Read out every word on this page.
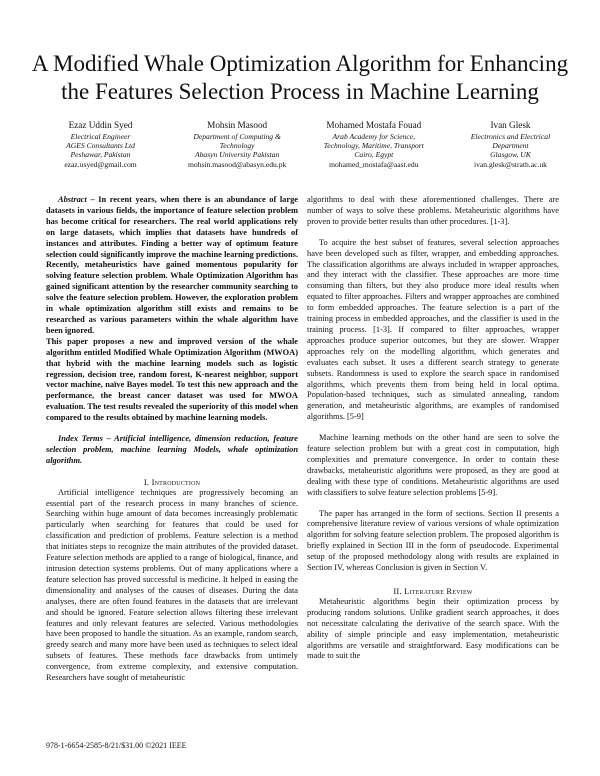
A Modified Whale Optimization Algorithm for Enhancing the Features Selection Process in Machine Learning
Ezaz Uddin Syed
Electrical Engineer
AGES Consultants Ltd
Peshawar, Pakistan
ezaz.usyed@gmail.com
Mohsin Masood
Department of Computing &
Technology
Abasyn University Pakistan
mohsin.masood@abasyn.edu.pk
Mohamed Mostafa Fouad
Arab Academy for Science,
Technology, Maritime, Transport
Cairo, Egypt
mohamed_mostafa@aast.edu
Ivan Glesk
Electronics and Electrical
Department
Glasgow, UK
ivan.glesk@strath.ac.uk

Abstract – In recent years, when there is an abundance of large datasets in various fields, the importance of feature selection problem has become critical for researchers. The real world applications rely on large datasets, which implies that datasets have hundreds of instances and attributes. Finding a better way of optimum feature selection could significantly improve the machine learning predictions. Recently, metaheuristics have gained momentous popularity for solving feature selection problem. Whale Optimization Algorithm has gained significant attention by the researcher community searching to solve the feature selection problem. However, the exploration problem in whale optimization algorithm still exists and remains to be researched as various parameters within the whale algorithm have been ignored.

This paper proposes a new and improved version of the whale algorithm entitled Modified Whale Optimization Algorithm (MWOA) that hybrid with the machine learning models such as logistic regression, decision tree, random forest, K-nearest neighbor, support vector machine, naïve Bayes model. To test this new approach and the performance, the breast cancer dataset was used for MWOA evaluation. The test results revealed the superiority of this model when compared to the results obtained by machine learning models.

Index Terms – Artificial intelligence, dimension reduction, feature selection problem, machine learning Models, whale optimization algorithm.

I. Introduction

Artificial intelligence techniques are progressively becoming an essential part of the research process in many branches of science. Searching within huge amount of data becomes increasingly problematic particularly when searching for features that could be used for classification and prediction of problems. Feature selection is a method that initiates steps to recognize the main attributes of the provided dataset. Feature selection methods are applied to a range of biological, finance, and intrusion detection systems problems. Out of many applications where a feature selection has proved successful is medicine. It helped in easing the dimensionality and analyses of the causes of diseases. During the data analyses, there are often found features in the datasets that are irrelevant and should be ignored. Feature selection allows filtering these irrelevant features and only relevant features are selected. Various methodologies have been proposed to handle the situation. As an example, random search, greedy search and many more have been used as techniques to select ideal subsets of features. These methods face drawbacks from untimely convergence, from extreme complexity, and extensive computation. Researchers have sought of metaheuristic

algorithms to deal with these aforementioned challenges. There are number of ways to solve these problems. Metaheuristic algorithms have proven to provide better results than other procedures. [1-3].

To acquire the best subset of features, several selection approaches have been developed such as filter, wrapper, and embedding approaches. The classification algorithms are always included in wrapper approaches, and they interact with the classifier. These approaches are more time consuming than filters, but they also produce more ideal results when equated to filter approaches. Filters and wrapper approaches are combined to form embedded approaches. The feature selection is a part of the training process in embedded approaches, and the classifier is used in the training process. [1-3]. If compared to filter approaches, wrapper approaches produce superior outcomes, but they are slower. Wrapper approaches rely on the modelling algorithm, which generates and evaluates each subset. It uses a different search strategy to generate subsets. Randomness is used to explore the search space in randomised algorithms, which prevents them from being held in local optima. Population-based techniques, such as simulated annealing, random generation, and metaheuristic algorithms, are examples of randomised algorithms. [5-9]

Machine learning methods on the other hand are seen to solve the feature selection problem but with a great cost in computation, high complexities and premature convergence. In order to contain these drawbacks, metaheuristic algorithms were proposed, as they are good at dealing with these type of conditions. Metaheuristic algorithms are used with classifiers to solve feature selection problems [5-9].

The paper has arranged in the form of sections. Section II presents a comprehensive literature review of various versions of whale optimization algorithm for solving feature selection problem. The proposed algorithm is briefly explained in Section III in the form of pseudocode. Experimental setup of the proposed methodology along with results are explained in Section IV, whereas Conclusion is given in Section V.

II. Literature Review

Metaheuristic algorithms begin their optimization process by producing random solutions. Unlike gradient search approaches, it does not necessitate calculating the derivative of the search space. With the ability of simple principle and easy implementation, metaheuristic algorithms are versatile and straightforward. Easy modifications can be made to suit the

978-1-6654-2585-8/21/$31.00 ©2021 IEEE
